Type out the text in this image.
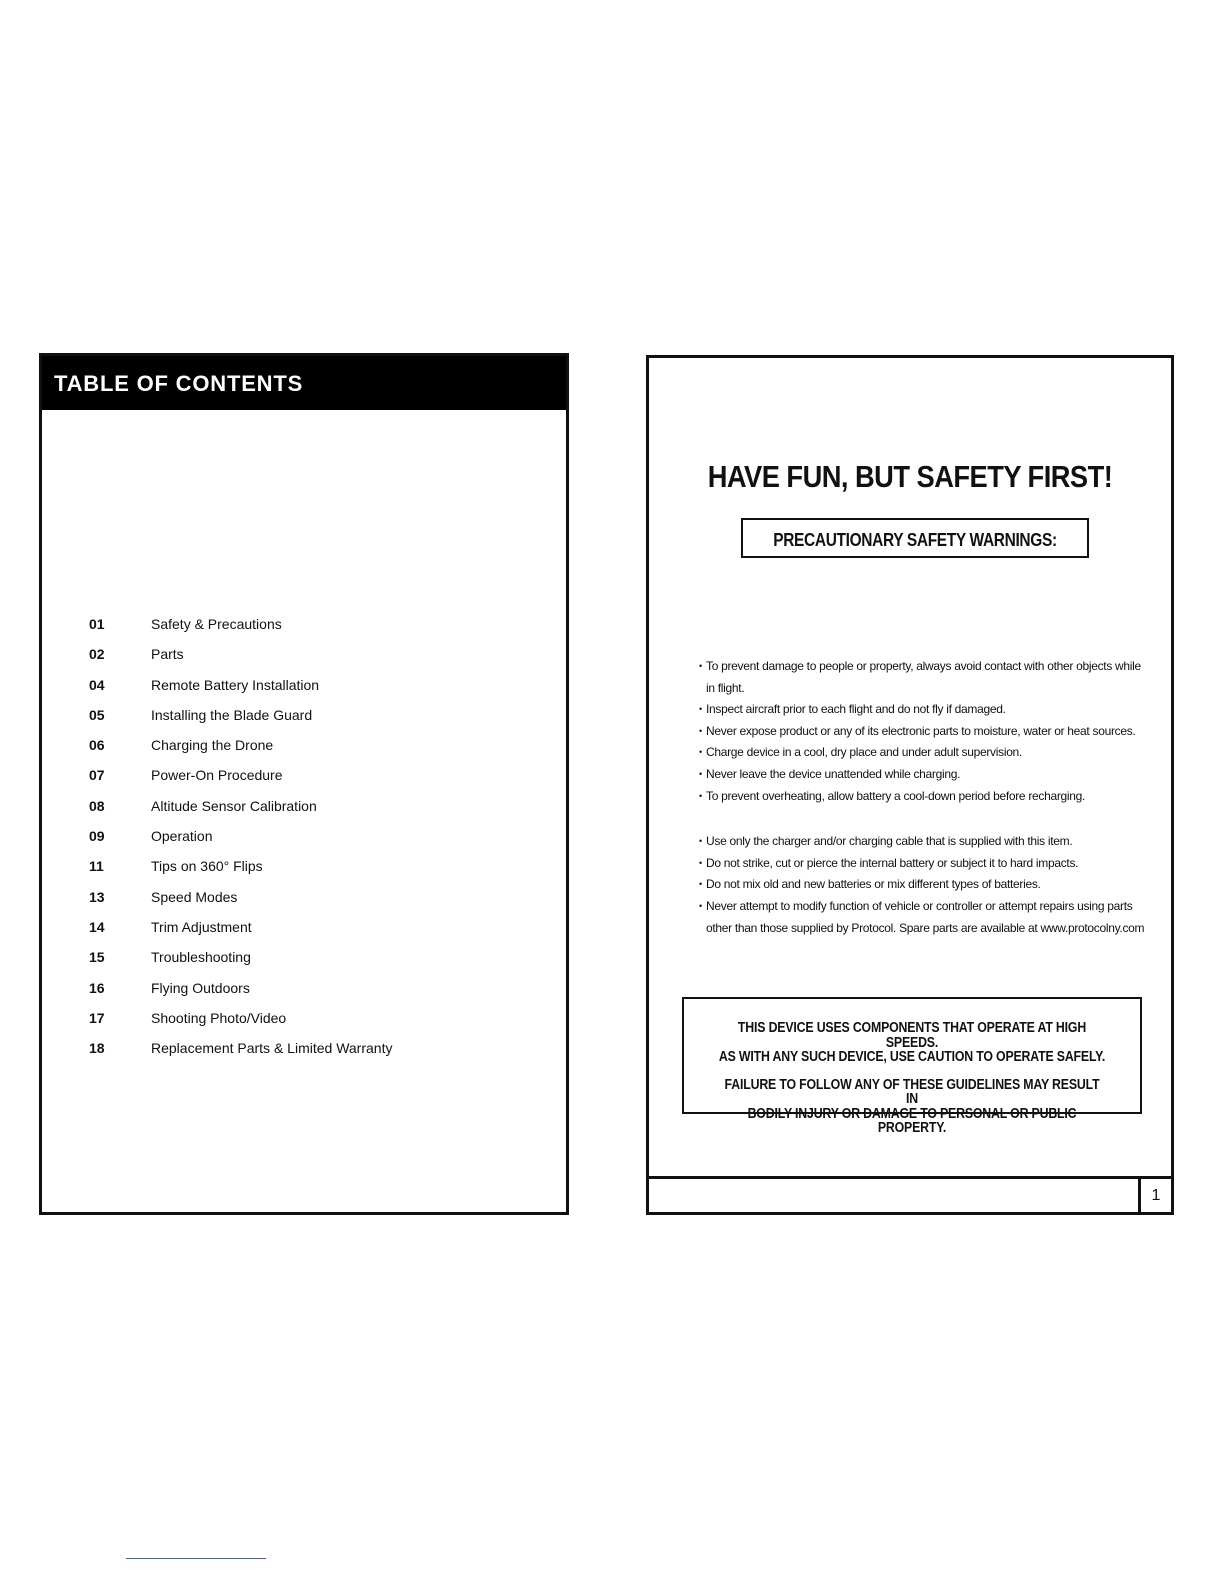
TABLE OF CONTENTS
01	Safety & Precautions
02	Parts
04	Remote Battery Installation
05	Installing the Blade Guard
06	Charging the Drone
07	Power-On Procedure
08	Altitude Sensor Calibration
09	Operation
11	Tips on 360° Flips
13	Speed Modes
14	Trim Adjustment
15	Troubleshooting
16	Flying Outdoors
17	Shooting Photo/Video
18	Replacement Parts & Limited Warranty
HAVE FUN, BUT SAFETY FIRST!
PRECAUTIONARY SAFETY WARNINGS:
• To prevent damage to people or property, always avoid contact with other objects while in flight.
• Inspect aircraft prior to each flight and do not fly if damaged.
• Never expose product or any of its electronic parts to moisture, water or heat sources.
• Charge device in a cool, dry place and under adult supervision.
• Never leave the device unattended while charging.
• To prevent overheating, allow battery a cool-down period before recharging.
• Use only the charger and/or charging cable that is supplied with this item.
• Do not strike, cut or pierce the internal battery or subject it to hard impacts.
• Do not mix old and new batteries or mix different types of batteries.
• Never attempt to modify function of vehicle or controller or attempt repairs using parts other than those supplied by Protocol. Spare parts are available at www.protocolny.com
THIS DEVICE USES COMPONENTS THAT OPERATE AT HIGH SPEEDS.
AS WITH ANY SUCH DEVICE, USE CAUTION TO OPERATE SAFELY.
FAILURE TO FOLLOW ANY OF THESE GUIDELINES MAY RESULT IN
BODILY INJURY OR DAMAGE TO PERSONAL OR PUBLIC PROPERTY.
1
